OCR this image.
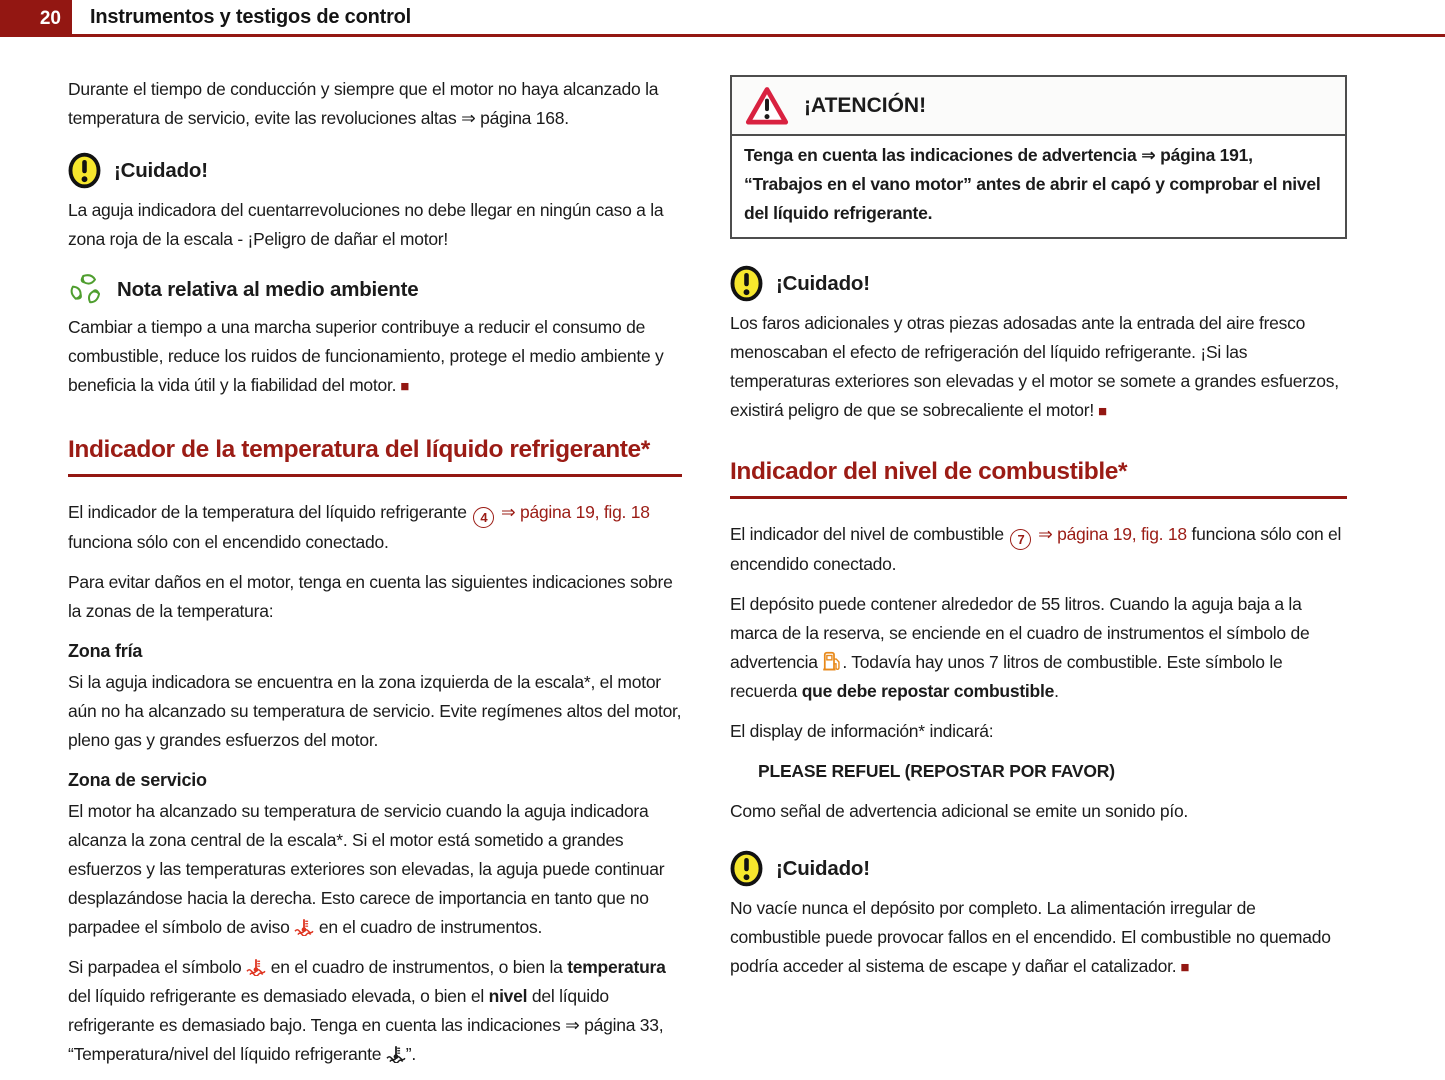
20 Instrumentos y testigos de control

Durante el tiempo de conducción y siempre que el motor no haya alcanzado la temperatura de servicio, evite las revoluciones altas ⇒ página 168.

¡Cuidado!

La aguja indicadora del cuentarrevoluciones no debe llegar en ningún caso a la zona roja de la escala - ¡Peligro de dañar el motor!

Nota relativa al medio ambiente

Cambiar a tiempo a una marcha superior contribuye a reducir el consumo de combustible, reduce los ruidos de funcionamiento, protege el medio ambiente y beneficia la vida útil y la fiabilidad del motor. ■

Indicador de la temperatura del líquido refrigerante*

El indicador de la temperatura del líquido refrigerante 4 ⇒ página 19, fig. 18 funciona sólo con el encendido conectado.

Para evitar daños en el motor, tenga en cuenta las siguientes indicaciones sobre la zonas de la temperatura:

Zona fría

Si la aguja indicadora se encuentra en la zona izquierda de la escala*, el motor aún no ha alcanzado su temperatura de servicio. Evite regímenes altos del motor, pleno gas y grandes esfuerzos del motor.

Zona de servicio

El motor ha alcanzado su temperatura de servicio cuando la aguja indicadora alcanza la zona central de la escala*. Si el motor está sometido a grandes esfuerzos y las temperaturas exteriores son elevadas, la aguja puede continuar desplazándose hacia la derecha. Esto carece de importancia en tanto que no parpadee el símbolo de aviso  en el cuadro de instrumentos.

Si parpadea el símbolo  en el cuadro de instrumentos, o bien la temperatura del líquido refrigerante es demasiado elevada, o bien el nivel del líquido refrigerante es demasiado bajo. Tenga en cuenta las indicaciones ⇒ página 33, “Temperatura/nivel del líquido refrigerante ”.

¡ATENCIÓN!
Tenga en cuenta las indicaciones de advertencia ⇒ página 191, “Trabajos en el vano motor” antes de abrir el capó y comprobar el nivel del líquido refrigerante.
¡Cuidado!

Los faros adicionales y otras piezas adosadas ante la entrada del aire fresco menoscaban el efecto de refrigeración del líquido refrigerante. ¡Si las temperaturas exteriores son elevadas y el motor se somete a grandes esfuerzos, existirá peligro de que se sobrecaliente el motor! ■

Indicador del nivel de combustible*

El indicador del nivel de combustible 7 ⇒ página 19, fig. 18 funciona sólo con el encendido conectado.

El depósito puede contener alrededor de 55 litros. Cuando la aguja baja a la marca de la reserva, se enciende en el cuadro de instrumentos el símbolo de advertencia . Todavía hay unos 7 litros de combustible. Este símbolo le recuerda que debe repostar combustible.

El display de información* indicará:

PLEASE REFUEL (REPOSTAR POR FAVOR)

Como señal de advertencia adicional se emite un sonido pío.

¡Cuidado!

No vacíe nunca el depósito por completo. La alimentación irregular de combustible puede provocar fallos en el encendido. El combustible no quemado podría acceder al sistema de escape y dañar el catalizador. ■
